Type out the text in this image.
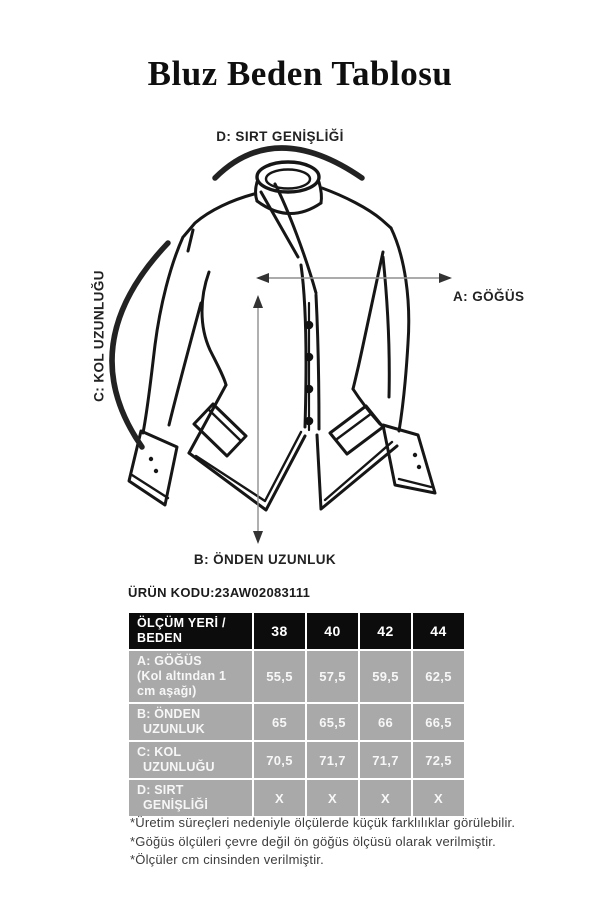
Bluz Beden Tablosu
D: SIRT GENİŞLİĞİ
A: GÖĞÜS
C: KOL UZUNLUĞU
B: ÖNDEN UZUNLUK
ÜRÜN KODU:23AW02083111
ÖLÇÜM YERİ / BEDEN	38	40	42	44

A: GÖĞÜS
(Kol altından 1 cm aşağı)	55,5	57,5	59,5	62,5

B: ÖNDEN
UZUNLUK	65	65,5	66	66,5

C: KOL
UZUNLUĞU	70,5	71,7	71,7	72,5

D: SIRT
GENİŞLİĞİ	X	X	X	X
*Üretim süreçleri nedeniyle ölçülerde küçük farklılıklar görülebilir.
*Göğüs ölçüleri çevre değil ön göğüs ölçüsü olarak verilmiştir.
*Ölçüler cm cinsinden verilmiştir.
